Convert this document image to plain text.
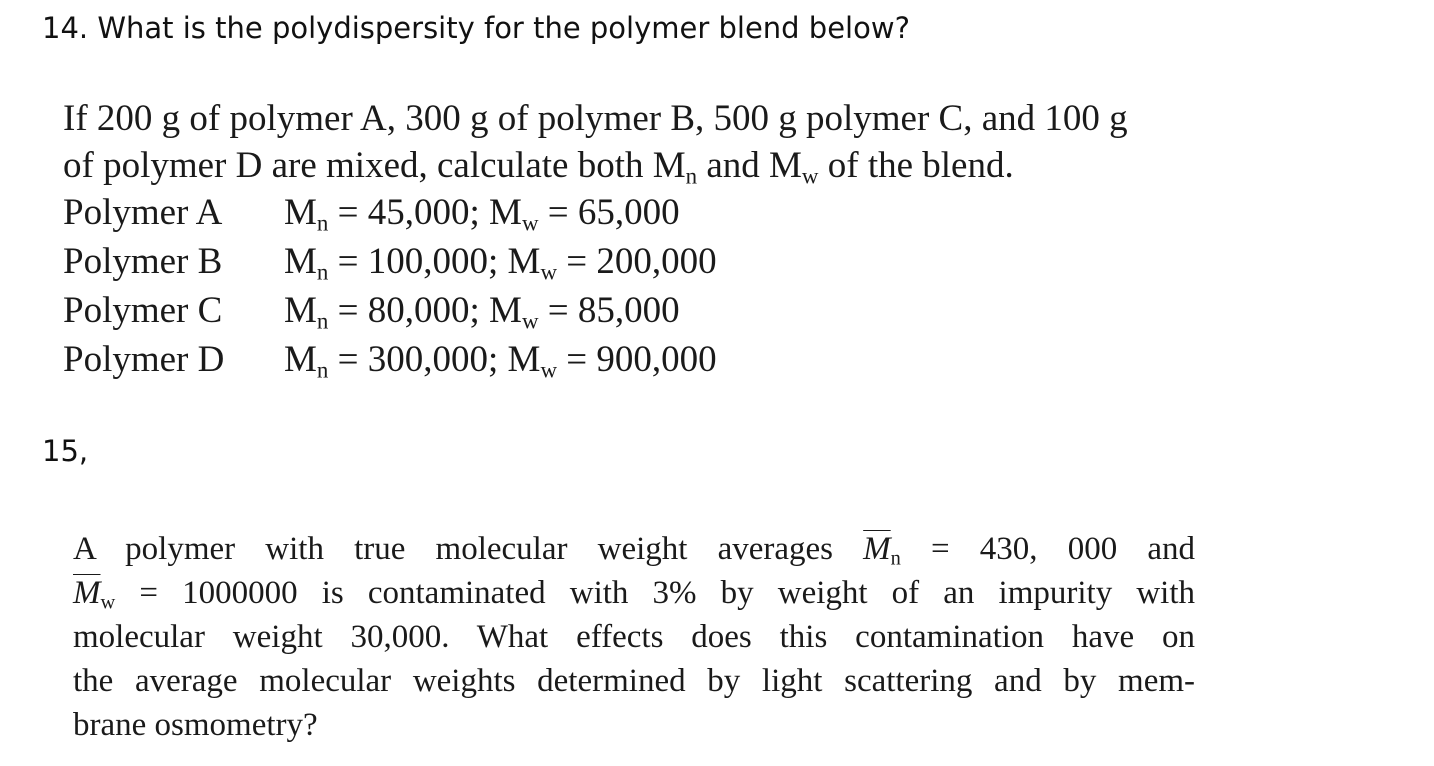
14. What is the polydispersity for the polymer blend below?
If 200 g of polymer A, 300 g of polymer B, 500 g polymer C, and 100 g
of polymer D are mixed, calculate both $M_n$ and $M_w$ of the blend.
Polymer A	$M_n = 45,000$; $M_w = 65,000$
Polymer B	$M_n = 100,000$; $M_w = 200,000$
Polymer C	$M_n = 80,000$; $M_w = 85,000$
Polymer D	$M_n = 300,000$; $M_w = 900,000$
15,
A polymer with true molecular weight averages $\overline{M}_n = 430$, 000 and
$\overline{M}_w = 1000000$ is contaminated with 3% by weight of an impurity with
molecular weight 30,000. What effects does this contamination have on
the average molecular weights determined by light scattering and by mem-
brane osmometry?
